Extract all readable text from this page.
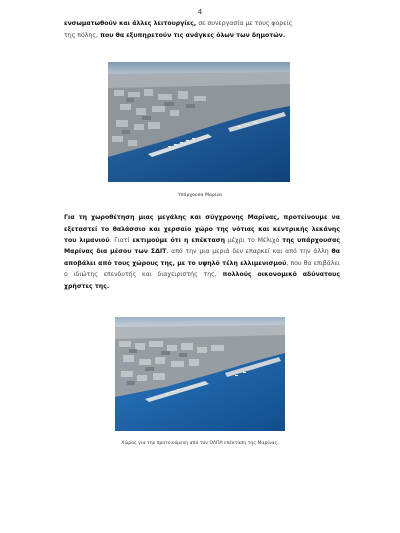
4

ενσωματωθούν και άλλες λειτουργίες, σε συνεργασία με τους φορείς
της πόλης, που θα εξυπηρετούν τις ανάγκες όλων των δημοτών.

Υπάρχουσα Μαρίνα

Για τη χωροθέτηση μιας μεγάλης και σύγχρονης Μαρίνας, προτείνουμε να εξεταστεί το θαλάσσιο και χερσαίο χώρο της νότιας και κεντρικής λεκάνης του λιμανιού. Γιατί εκτιμούμε ότι η επέκταση μέχρι το Μέλιχο της υπάρχουσας Μαρίνας δια μέσου των ΣΔΙΤ, από την μια μεριά δεν επαρκεί και από την άλλη θα αποβάλει από τους χώρους της, με το υψηλό τέλη ελλιμενισμού, που θα επιβάλει ο ιδιώτης επενδυτής και διαχειριστής της, πολλούς οικονομικό αδύνατους χρήστες της.

Χώρος για την προτεινόμενη από τον ΟΛΠΑ επέκταση της Μαρίνας.
